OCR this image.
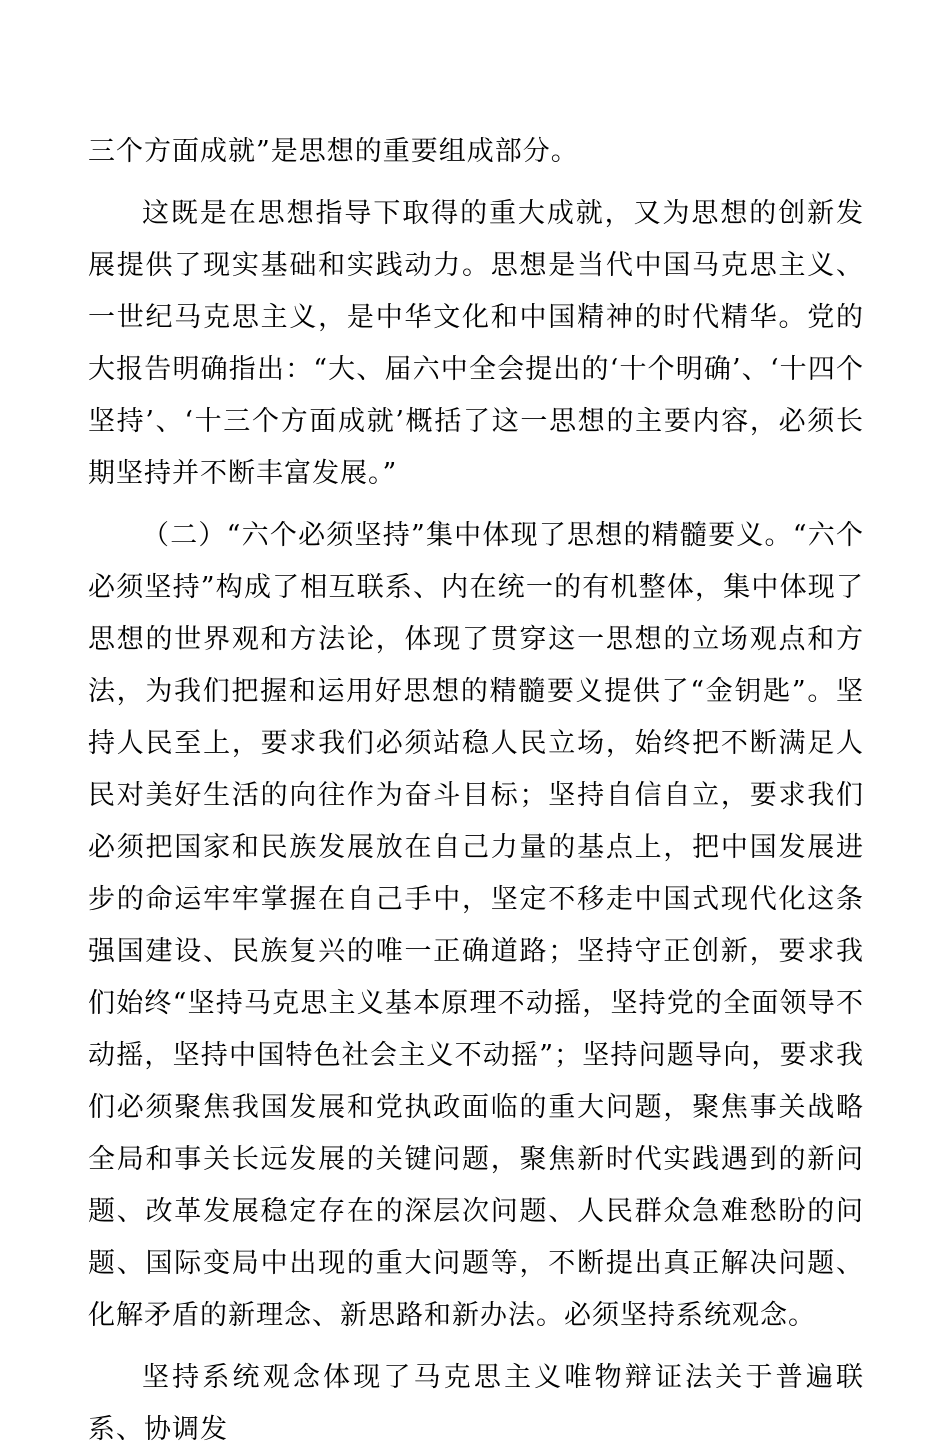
三个方面成就”是思想的重要组成部分。

这既是在思想指导下取得的重大成就，又为思想的创新发展提供了现实基础和实践动力。思想是当代中国马克思主义、一世纪马克思主义，是中华文化和中国精神的时代精华。党的大报告明确指出：“大、届六中全会提出的‘十个明确’、‘十四个坚持’、‘十三个方面成就’概括了这一思想的主要内容，必须长期坚持并不断丰富发展。”

（二）“六个必须坚持”集中体现了思想的精髓要义。“六个必须坚持”构成了相互联系、内在统一的有机整体，集中体现了思想的世界观和方法论，体现了贯穿这一思想的立场观点和方法，为我们把握和运用好思想的精髓要义提供了“金钥匙”。坚持人民至上，要求我们必须站稳人民立场，始终把不断满足人民对美好生活的向往作为奋斗目标；坚持自信自立，要求我们必须把国家和民族发展放在自己力量的基点上，把中国发展进步的命运牢牢掌握在自己手中，坚定不移走中国式现代化这条强国建设、民族复兴的唯一正确道路；坚持守正创新，要求我们始终“坚持马克思主义基本原理不动摇，坚持党的全面领导不动摇，坚持中国特色社会主义不动摇”；坚持问题导向，要求我们必须聚焦我国发展和党执政面临的重大问题，聚焦事关战略全局和事关长远发展的关键问题，聚焦新时代实践遇到的新问题、改革发展稳定存在的深层次问题、人民群众急难愁盼的问题、国际变局中出现的重大问题等，不断提出真正解决问题、化解矛盾的新理念、新思路和新办法。必须坚持系统观念。

坚持系统观念体现了马克思主义唯物辩证法关于普遍联系、协调发
